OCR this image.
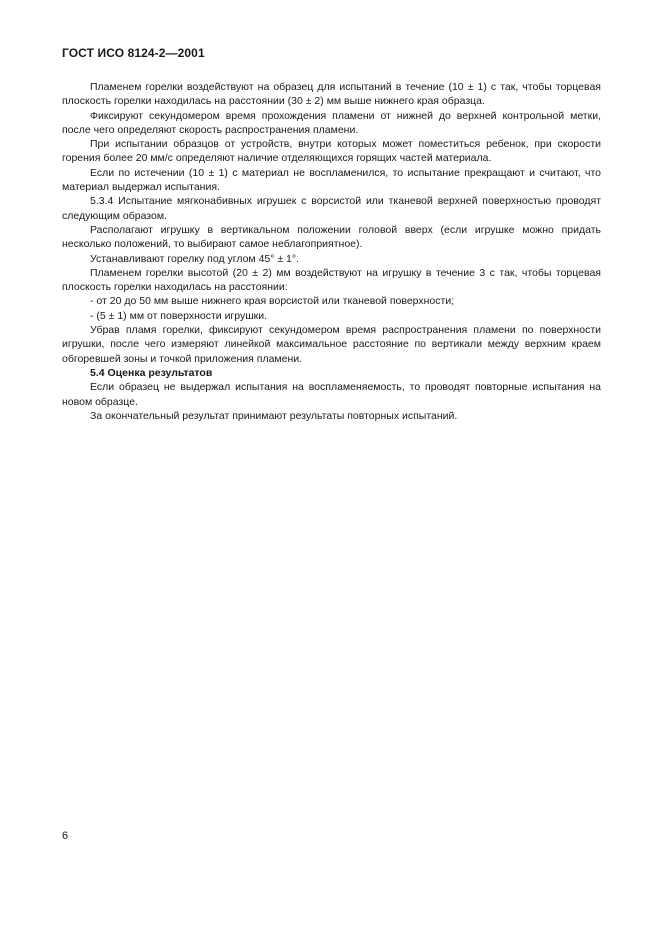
ГОСТ ИСО 8124-2—2001

Пламенем горелки воздействуют на образец для испытаний в течение (10 ± 1) с так, чтобы торцевая плоскость горелки находилась на расстоянии (30 ± 2) мм выше нижнего края образца.

Фиксируют секундомером время прохождения пламени от нижней до верхней контрольной метки, после чего определяют скорость распространения пламени.

При испытании образцов от устройств, внутри которых может поместиться ребенок, при скорости горения более 20 мм/с определяют наличие отделяющихся горящих частей материала.

Если по истечении (10 ± 1) с материал не воспламенился, то испытание прекращают и считают, что материал выдержал испытания.

5.3.4 Испытание мягконабивных игрушек с ворсистой или тканевой верхней поверхностью проводят следующим образом.

Располагают игрушку в вертикальном положении головой вверх (если игрушке можно придать несколько положений, то выбирают самое неблагоприятное).

Устанавливают горелку под углом 45° ± 1°.

Пламенем горелки высотой (20 ± 2) мм воздействуют на игрушку в течение 3 с так, чтобы торцевая плоскость горелки находилась на расстоянии:

- от 20 до 50 мм выше нижнего края ворсистой или тканевой поверхности;

- (5 ± 1) мм от поверхности игрушки.

Убрав пламя горелки, фиксируют секундомером время распространения пламени по поверхности игрушки, после чего измеряют линейкой максимальное расстояние по вертикали между верхним краем обгоревшей зоны и точкой приложения пламени.

5.4 Оценка результатов

Если образец не выдержал испытания на воспламеняемость, то проводят повторные испытания на новом образце.

За окончательный результат принимают результаты повторных испытаний.

6
